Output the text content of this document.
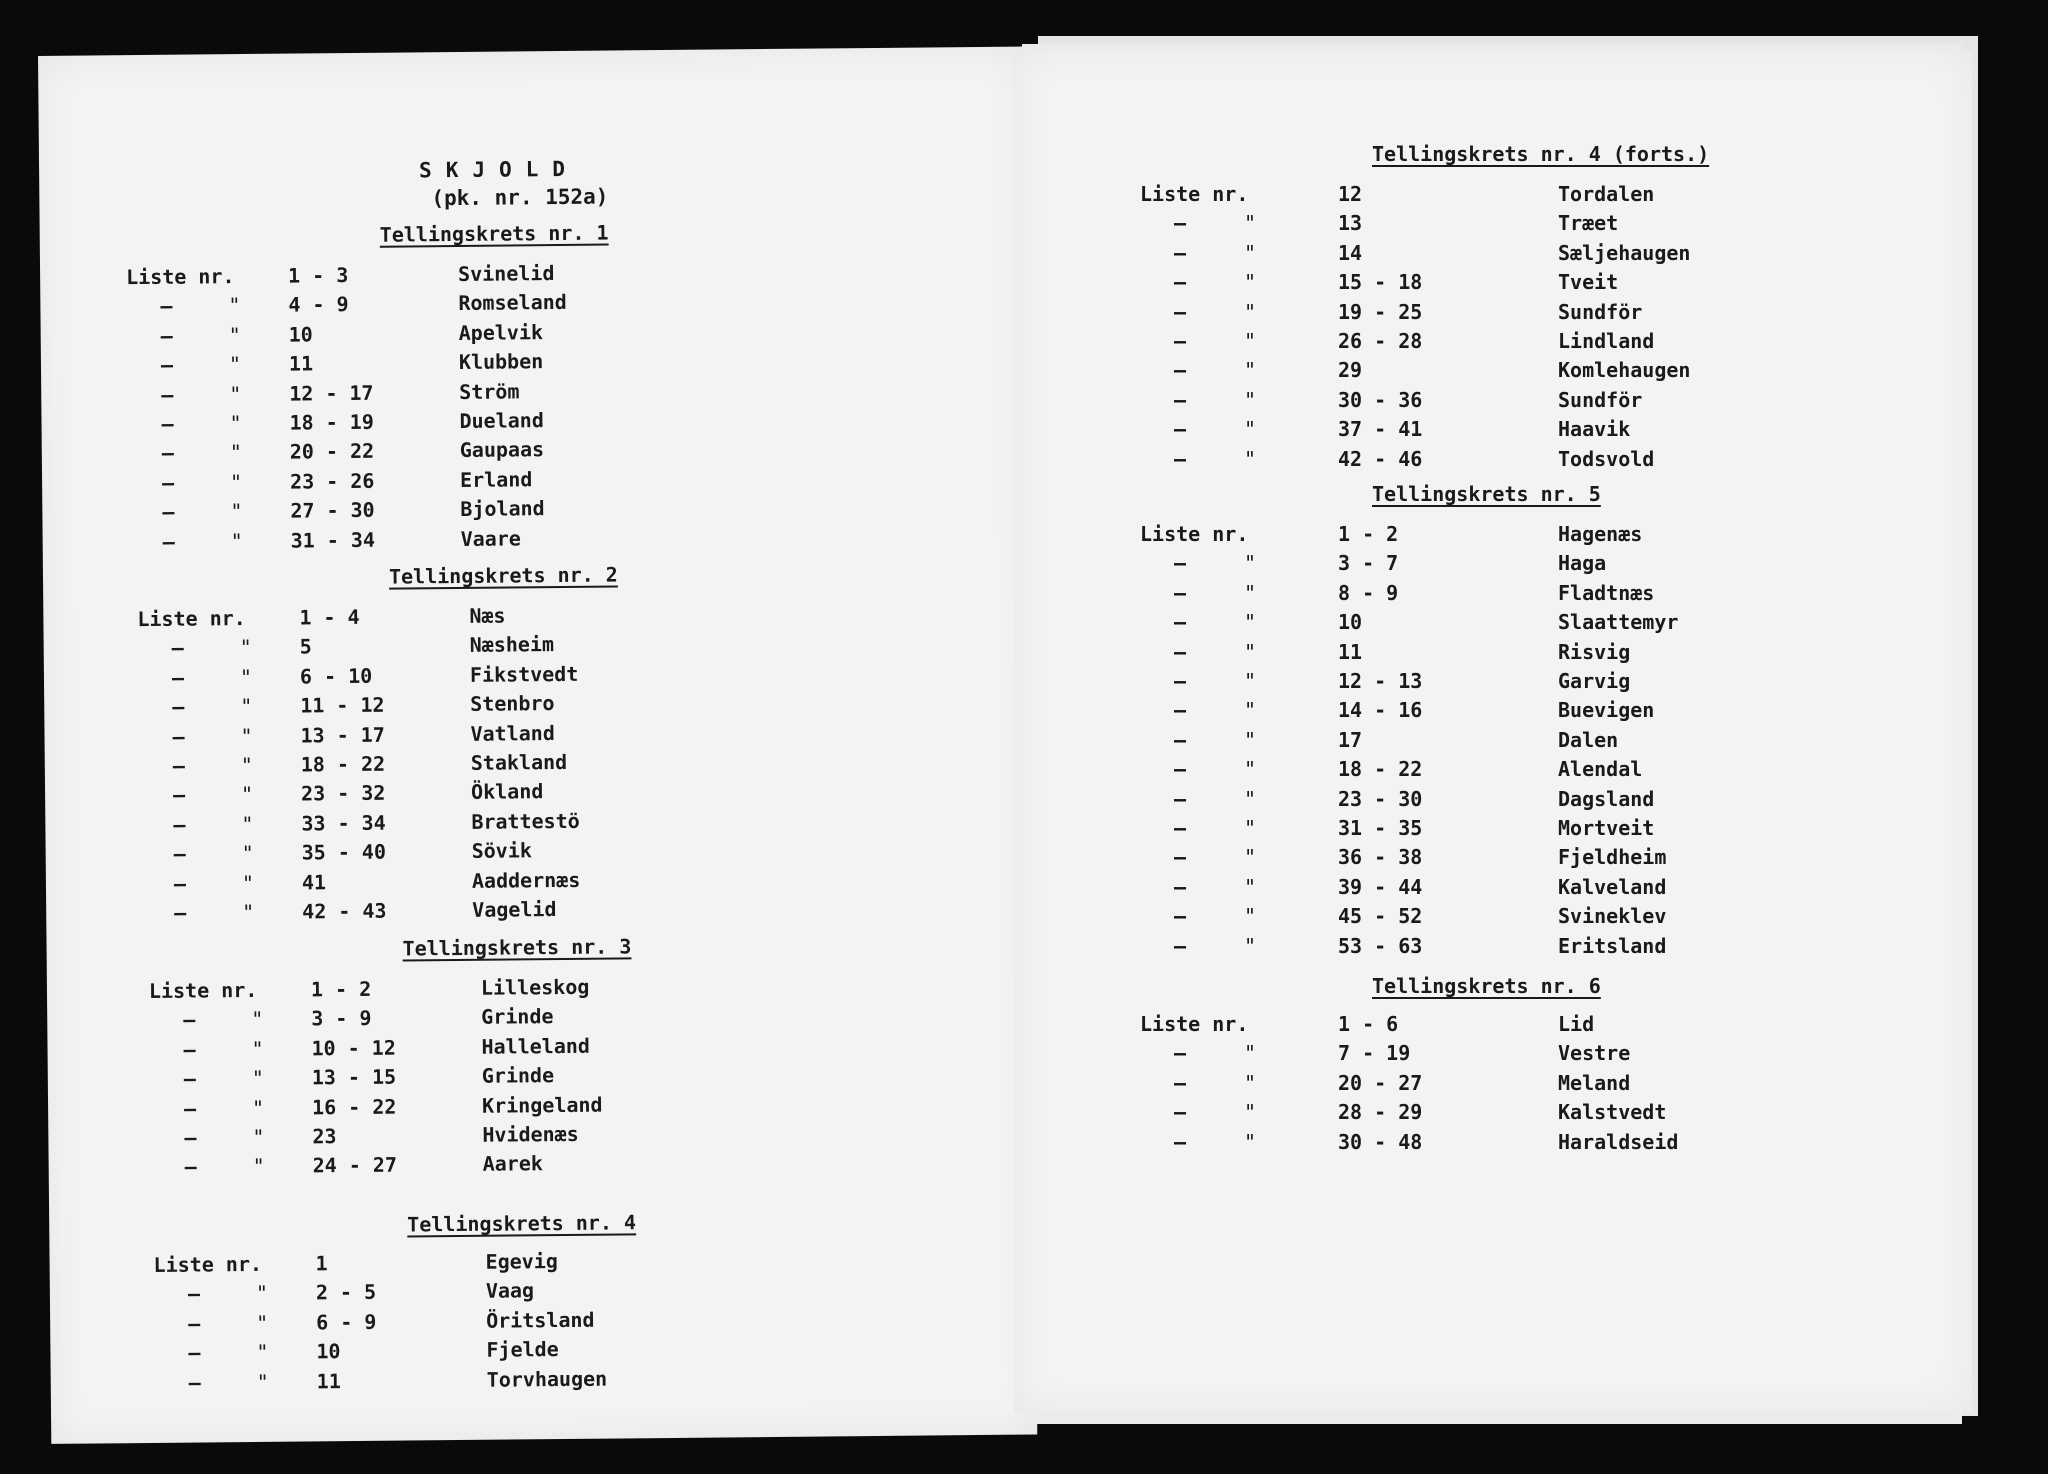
SKJOLD
(pk. nr. 152a)
Tellingskrets nr. 1
Liste nr.	1 - 3	Svinelid
–	" 4 - 9	Romseland
–	" 10	Apelvik
–	" 11	Klubben
–	" 12 - 17	Ström
–	" 18 - 19	Dueland
–	" 20 - 22	Gaupaas
–	" 23 - 26	Erland
–	" 27 - 30	Bjoland
–	" 31 - 34	Vaare
Tellingskrets nr. 2
Liste nr.	1 - 4	Næs
–	" 5	Næsheim
–	" 6 - 10	Fikstvedt
–	" 11 - 12	Stenbro
–	" 13 - 17	Vatland
–	" 18 - 22	Stakland
–	" 23 - 32	Ökland
–	" 33 - 34	Brattestö
–	" 35 - 40	Sövik
–	" 41	Aaddernæs
–	" 42 - 43	Vagelid
Tellingskrets nr. 3
Liste nr.	1 - 2	Lilleskog
–	" 3 - 9	Grinde
–	" 10 - 12	Halleland
–	" 13 - 15	Grinde
–	" 16 - 22	Kringeland
–	" 23	Hvidenæs
–	" 24 - 27	Aarek
Tellingskrets nr. 4
Liste nr.	1	Egevig
–	" 2 - 5	Vaag
–	" 6 - 9	Öritsland
–	" 10	Fjelde
–	" 11	Torvhaugen
Tellingskrets nr. 4 (forts.)
Liste nr.	12	Tordalen
–	"	13	Træet
–	"	14	Sæljehaugen
–	"	15 - 18	Tveit
–	"	19 - 25	Sundför
–	"	26 - 28	Lindland
–	"	29	Komlehaugen
–	"	30 - 36	Sundför
–	"	37 - 41	Haavik
–	"	42 - 46	Todsvold
Tellingskrets nr. 5
Liste nr.	1 - 2	Hagenæs
–	"	3 - 7	Haga
–	"	8 - 9	Fladtnæs
–	"	10	Slaattemyr
–	"	11	Risvig
–	"	12 - 13	Garvig
–	"	14 - 16	Buevigen
–	"	17	Dalen
–	"	18 - 22	Alendal
–	"	23 - 30	Dagsland
–	"	31 - 35	Mortveit
–	"	36 - 38	Fjeldheim
–	"	39 - 44	Kalveland
–	"	45 - 52	Svineklev
–	"	53 - 63	Eritsland
Tellingskrets nr. 6
Liste nr.	1 - 6	Lid
–	"	7 - 19	Vestre
–	"	20 - 27	Meland
–	"	28 - 29	Kalstvedt
–	"	30 - 48	Haraldseid
